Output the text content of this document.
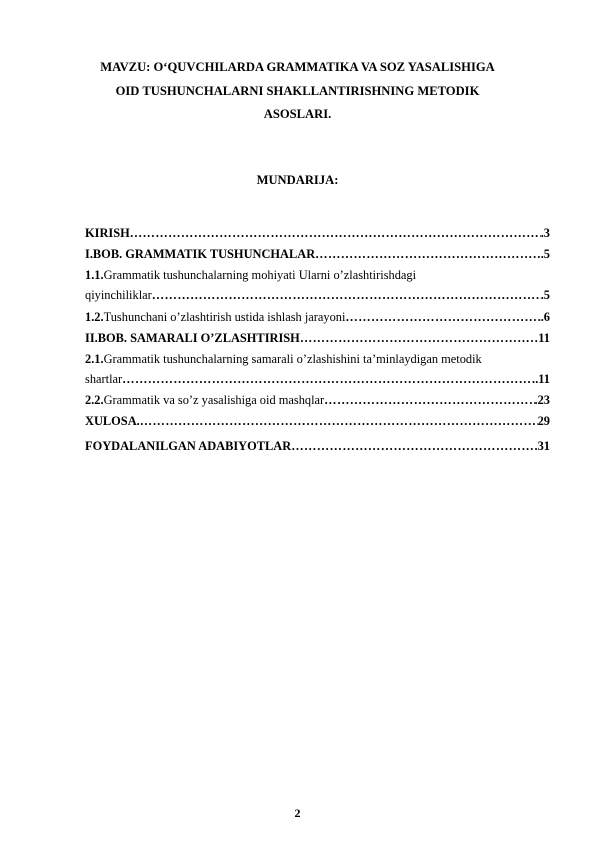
MAVZU: O‘QUVCHILARDA GRAMMATIKA VA SOZ YASALISHIGA
OID TUSHUNCHALARNI SHAKLLANTIRISHNING METODIK
ASOSLARI.
MUNDARIJA:
KIRISH ………………………………………………………………………………………………………………………………………………………………………………	.3
I.BOB. GRAMMATIK TUSHUNCHALAR ………………………………………………………………………………………………………………………………………………………………………………	.5
1.1. Grammatik tushunchalarning mohiyati Ularni o’zlashtirishdagi
qiyinchiliklar ………………………………………………………………………………………………………………………………………………………………………………	.5
1.2. Tushunchani o’zlashtirish ustida ishlash jarayoni ………………………………………………………………………………………………………………………………………………………………………………	.6
II.BOB. SAMARALI O’ZLASHTIRISH ………………………………………………………………………………………………………………………………………………………………………………	11
2.1. Grammatik tushunchalarning samarali o’zlashishini ta’minlaydigan metodik
shartlar ………………………………………………………………………………………………………………………………………………………………………………	.11
2.2. Grammatik va so’z yasalishiga oid mashqlar ………………………………………………………………………………………………………………………………………………………………………………	.23
XULOSA. ………………………………………………………………………………………………………………………………………………………………………………	29
FOYDALANILGAN ADABIYOTLAR ………………………………………………………………………………………………………………………………………………………………………………	.31
2
